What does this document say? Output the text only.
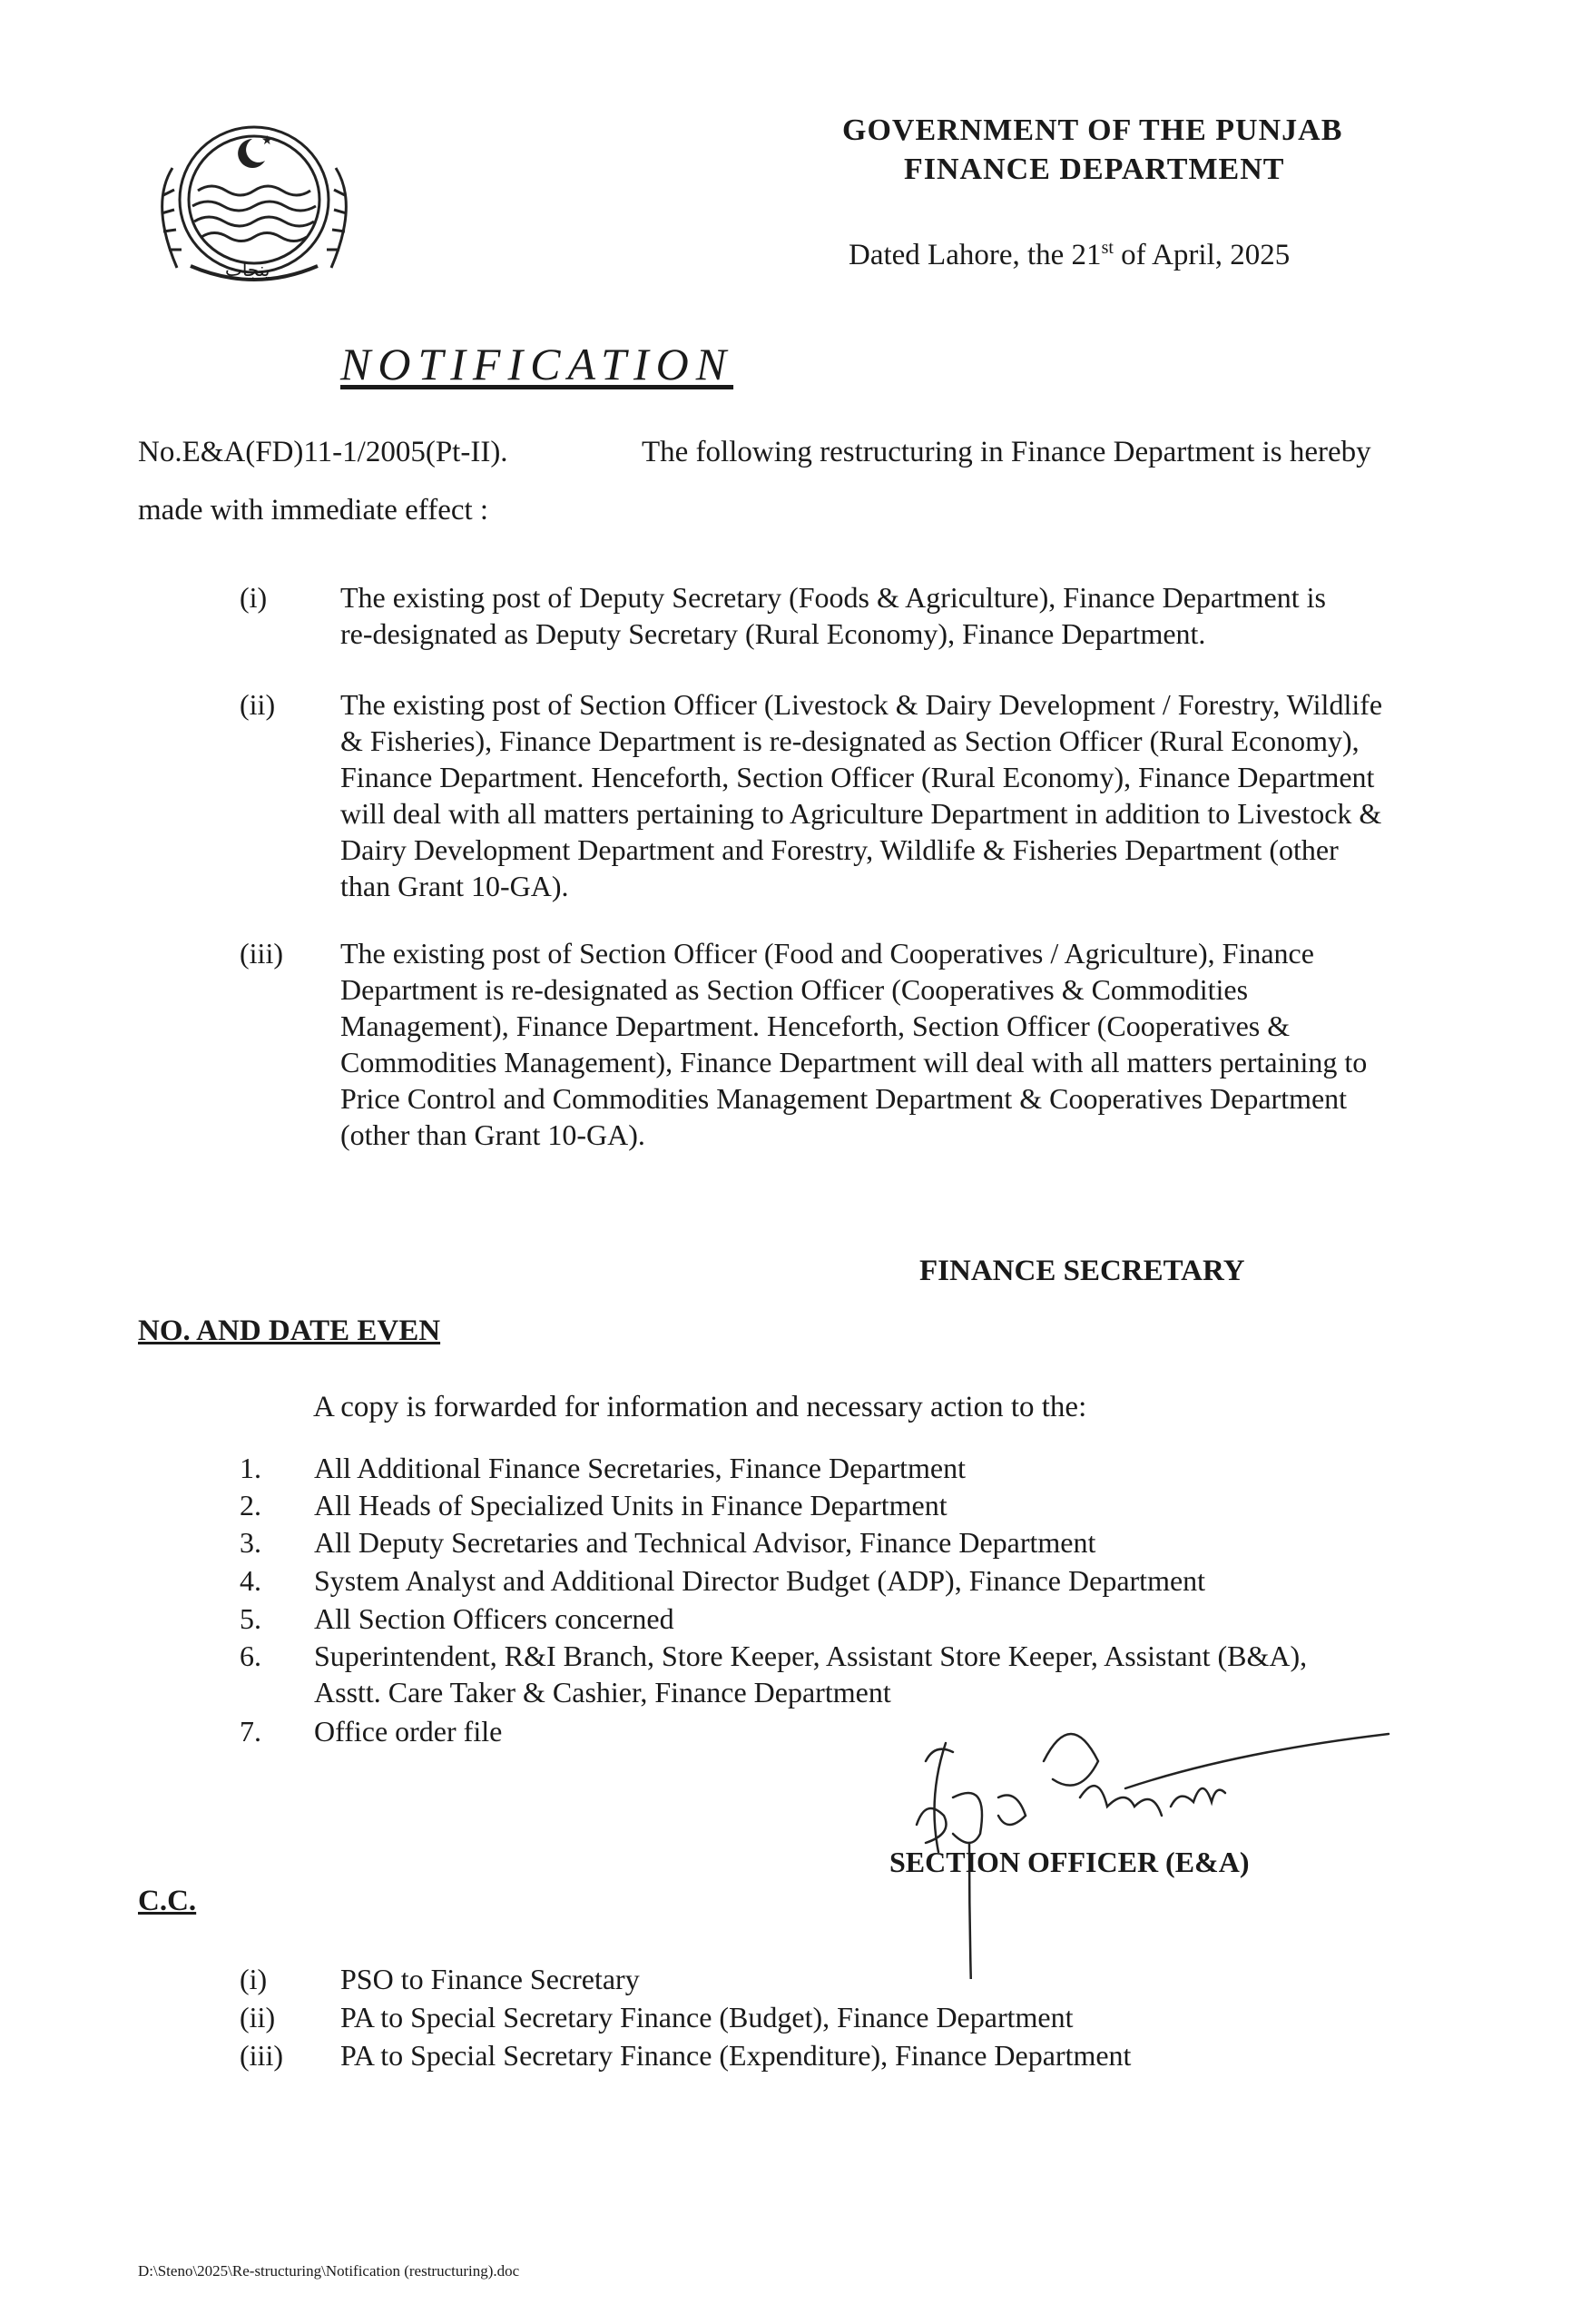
★
پنجاب
GOVERNMENT OF THE PUNJAB
FINANCE DEPARTMENT
Dated Lahore, the 21st of April, 2025
NOTIFICATION
No.E&A(FD)11-1/2005(Pt-II).	The following restructuring in Finance Department is hereby
made with immediate effect :
(i)	The existing post of Deputy Secretary (Foods & Agriculture), Finance Department is
re-designated as Deputy Secretary (Rural Economy), Finance Department.
(ii)	The existing post of Section Officer (Livestock & Dairy Development / Forestry, Wildlife
& Fisheries), Finance Department is re-designated as Section Officer (Rural Economy),
Finance Department. Henceforth, Section Officer (Rural Economy), Finance Department
will deal with all matters pertaining to Agriculture Department in addition to Livestock &
Dairy Development Department and Forestry, Wildlife & Fisheries Department (other
than Grant 10-GA).
(iii)	The existing post of Section Officer (Food and Cooperatives / Agriculture), Finance
Department is re-designated as Section Officer (Cooperatives & Commodities
Management), Finance Department. Henceforth, Section Officer (Cooperatives &
Commodities Management), Finance Department will deal with all matters pertaining to
Price Control and Commodities Management Department & Cooperatives Department
(other than Grant 10-GA).
FINANCE SECRETARY
NO. AND DATE EVEN
A copy is forwarded for information and necessary action to the:
1.	All Additional Finance Secretaries, Finance Department
2.	All Heads of Specialized Units in Finance Department
3.	All Deputy Secretaries and Technical Advisor, Finance Department
4.	System Analyst and Additional Director Budget (ADP), Finance Department
5.	All Section Officers concerned
6.	Superintendent, R&I Branch, Store Keeper, Assistant Store Keeper, Assistant (B&A),
Asstt. Care Taker & Cashier, Finance Department
7.	Office order file
SECTION OFFICER (E&A)
C.C.
(i)	PSO to Finance Secretary
(ii)	PA to Special Secretary Finance (Budget), Finance Department
(iii)	PA to Special Secretary Finance (Expenditure), Finance Department
D:\Steno\2025\Re-structuring\Notification (restructuring).doc
